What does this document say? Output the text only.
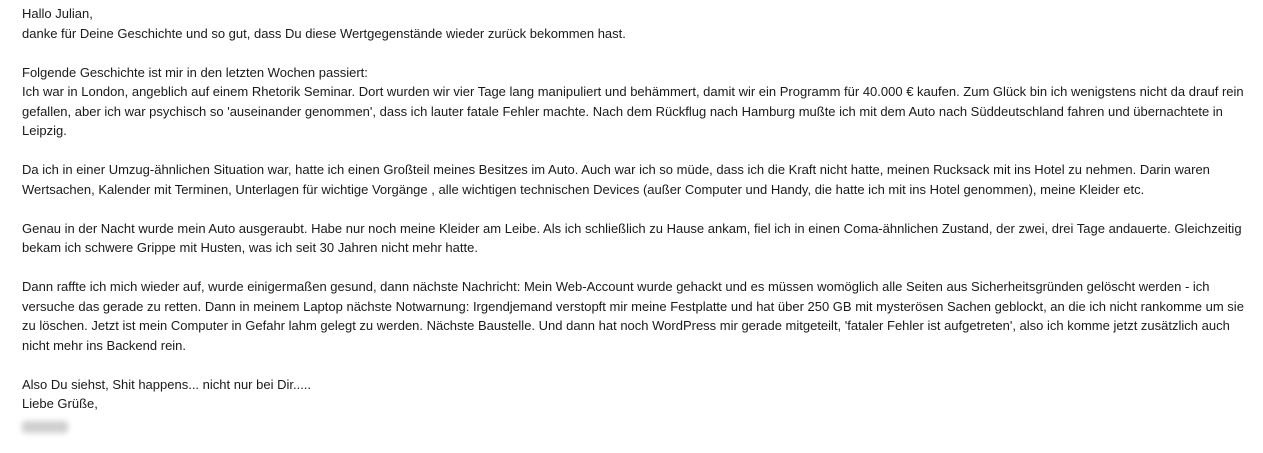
Hallo Julian,

danke für Deine Geschichte und so gut, dass Du diese Wertgegenstände wieder zurück bekommen hast.

Folgende Geschichte ist mir in den letzten Wochen passiert:
Ich war in London, angeblich auf einem Rhetorik Seminar. Dort wurden wir vier Tage lang manipuliert und behämmert, damit wir ein Programm für 40.000 € kaufen. Zum Glück bin ich wenigstens nicht da drauf rein gefallen, aber ich war psychisch so 'auseinander genommen', dass ich lauter fatale Fehler machte. Nach dem Rückflug nach Hamburg mußte ich mit dem Auto nach Süddeutschland fahren und übernachtete in Leipzig.
Da ich in einer Umzug-ähnlichen Situation war, hatte ich einen Großteil meines Besitzes im Auto. Auch war ich so müde, dass ich die Kraft nicht hatte, meinen Rucksack mit ins Hotel zu nehmen. Darin waren Wertsachen, Kalender mit Terminen, Unterlagen für wichtige Vorgänge , alle wichtigen technischen Devices (außer Computer und Handy, die hatte ich mit ins Hotel genommen), meine Kleider etc.
Genau in der Nacht wurde mein Auto ausgeraubt. Habe nur noch meine Kleider am Leibe. Als ich schließlich zu Hause ankam, fiel ich in einen Coma-ähnlichen Zustand, der zwei, drei Tage andauerte. Gleichzeitig bekam ich schwere Grippe mit Husten, was ich seit 30 Jahren nicht mehr hatte.
Dann raffte ich mich wieder auf, wurde einigermaßen gesund, dann nächste Nachricht: Mein Web-Account wurde gehackt und es müssen womöglich alle Seiten aus Sicherheitsgründen gelöscht werden - ich versuche das gerade zu retten. Dann in meinem Laptop nächste Notwarnung: Irgendjemand verstopft mir meine Festplatte und hat über 250 GB mit mysterösen Sachen geblockt, an die ich nicht rankomme um sie zu löschen. Jetzt ist mein Computer in Gefahr lahm gelegt zu werden. Nächste Baustelle. Und dann hat noch WordPress mir gerade mitgeteilt, 'fataler Fehler ist aufgetreten', also ich komme jetzt zusätzlich auch nicht mehr ins Backend rein.

Also Du siehst, Shit happens... nicht nur bei Dir.....

Liebe Grüße,
